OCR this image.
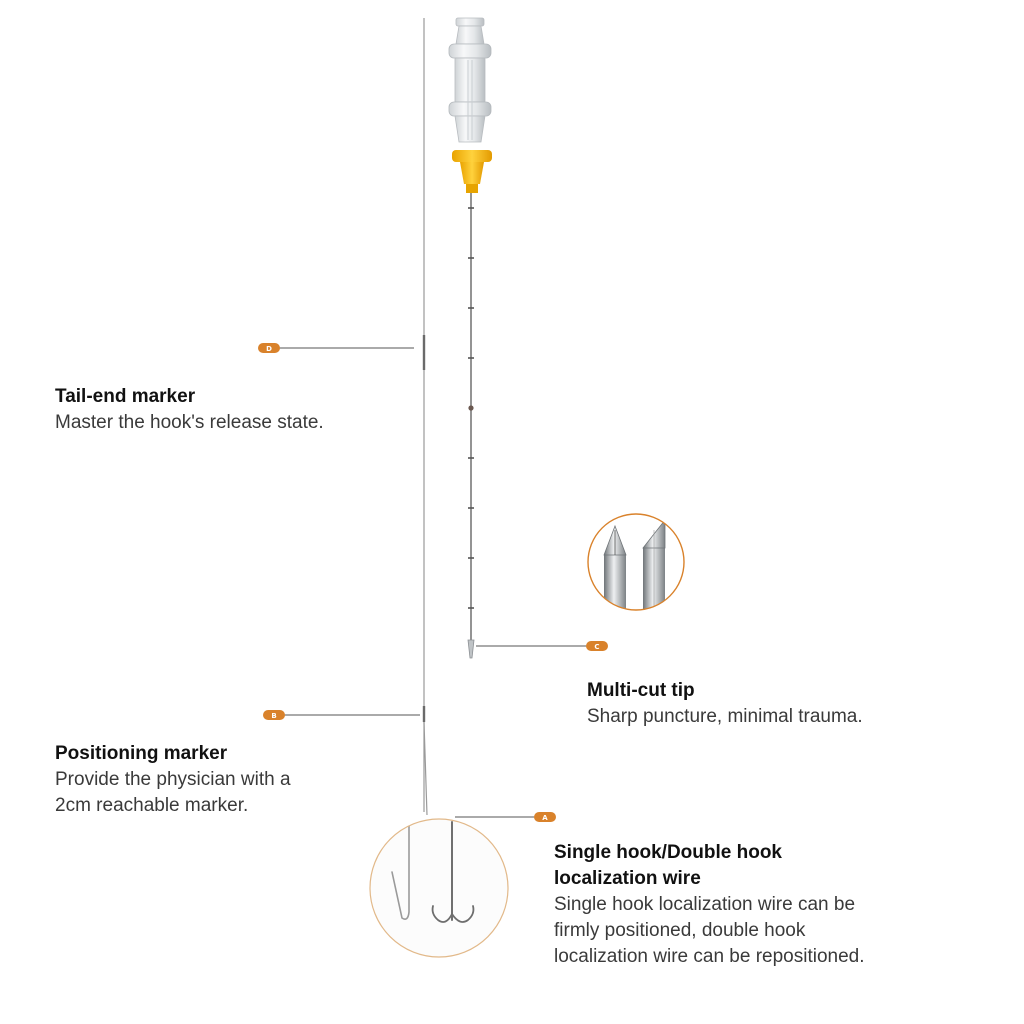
D
B
C
A
Tail-end marker
Master the hook's release state.
Positioning marker
Provide the physician with a
2cm reachable marker.
Multi-cut tip
Sharp puncture, minimal trauma.
Single hook/Double hook
localization wire
Single hook localization wire can be
firmly positioned, double hook
localization wire can be repositioned.
